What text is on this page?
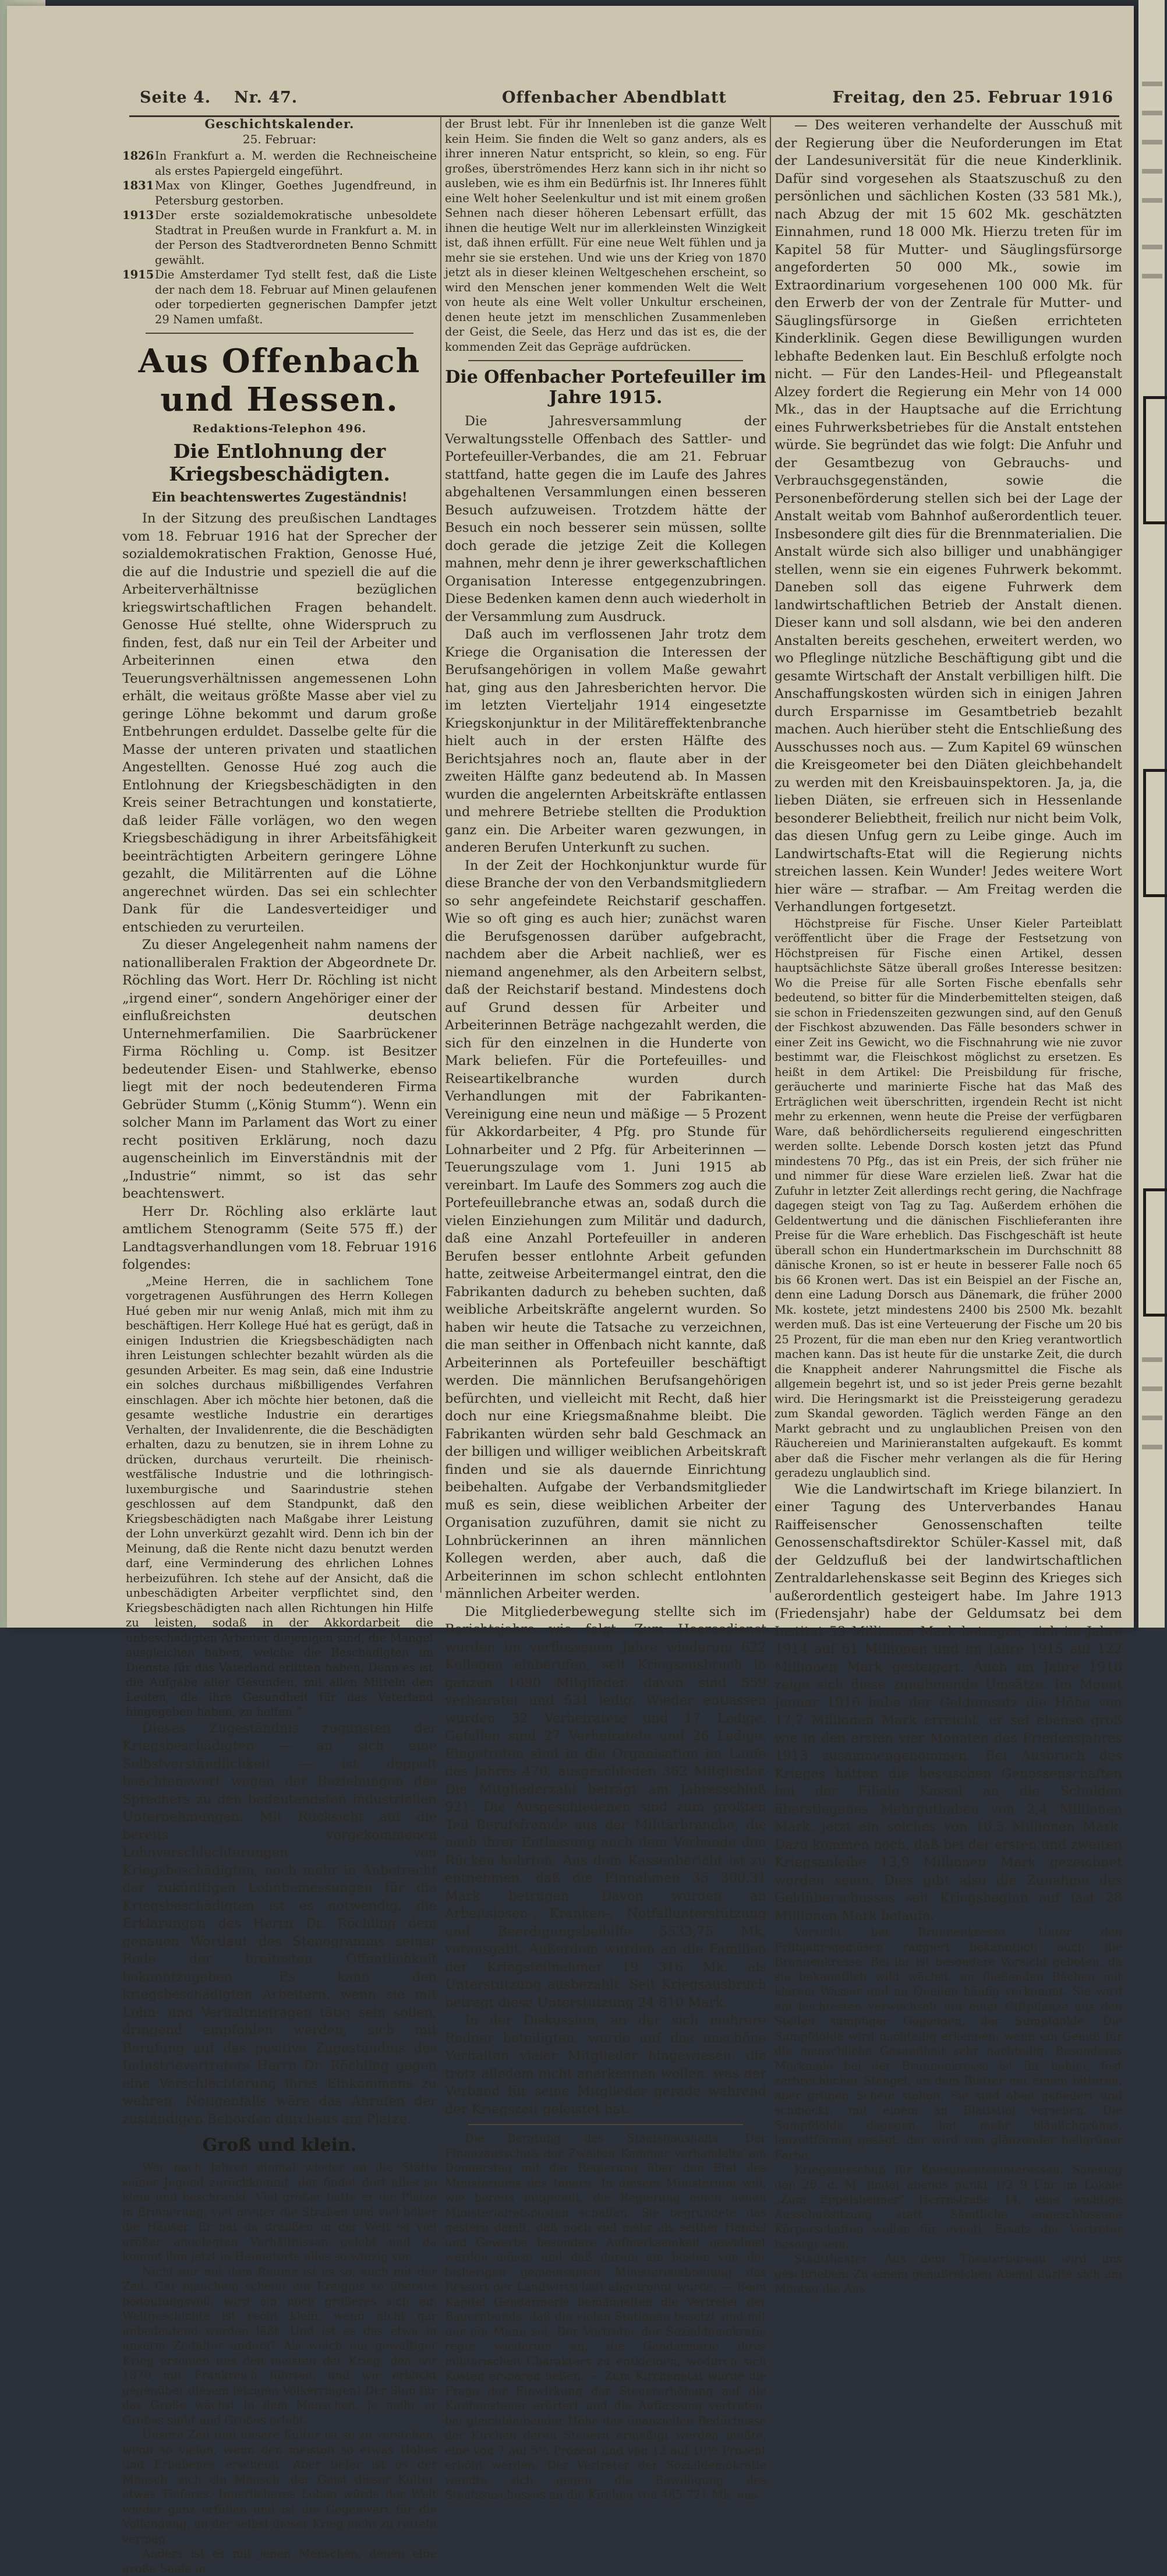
Seite 4. Nr. 47.	Offenbacher Abendblatt	Freitag, den 25. Februar 1916
Geschichtskalender.
25. Februar:
1826 In Frankfurt a. M. werden die Rechneischeine als erstes Papiergeld eingeführt.
1831 Max von Klinger, Goethes Jugendfreund, in Petersburg gestorben.
1913 Der erste sozialdemokratische unbesoldete Stadtrat in Preußen wurde in Frankfurt a. M. in der Person des Stadtverordneten Benno Schmitt gewählt.
1915 Die Amsterdamer Tyd stellt fest, daß die Liste der nach dem 18. Februar auf Minen gelaufenen oder torpedierten gegnerischen Dampfer jetzt 29 Namen umfaßt.
Aus Offenbach und Hessen.
Redaktions-Telephon 496.
Die Entlohnung der Kriegsbeschädigten.
Ein beachtenswertes Zugeständnis!

In der Sitzung des preußischen Landtages vom 18. Februar 1916 hat der Sprecher der sozialdemokratischen Fraktion, Genosse Hué, die auf die Industrie und speziell die auf die Arbeiterverhältnisse bezüglichen kriegswirtschaftlichen Fragen behandelt. Genosse Hué stellte, ohne Widerspruch zu finden, fest, daß nur ein Teil der Arbeiter und Arbeiterinnen einen etwa den Teuerungsverhältnissen angemessenen Lohn erhält, die weitaus größte Masse aber viel zu geringe Löhne bekommt und darum große Entbehrungen erduldet. Dasselbe gelte für die Masse der unteren privaten und staatlichen Angestellten. Genosse Hué zog auch die Entlohnung der Kriegsbeschädigten in den Kreis seiner Betrachtungen und konstatierte, daß leider Fälle vorlägen, wo den wegen Kriegsbeschädigung in ihrer Arbeitsfähigkeit beeinträchtigten Arbeitern geringere Löhne gezahlt, die Militärrenten auf die Löhne angerechnet würden. Das sei ein schlechter Dank für die Landesverteidiger und entschieden zu verurteilen.

Zu dieser Angelegenheit nahm namens der nationalliberalen Fraktion der Abgeordnete Dr. Röchling das Wort. Herr Dr. Röchling ist nicht „irgend einer“, sondern Angehöriger einer der einflußreichsten deutschen Unternehmerfamilien. Die Saarbrückener Firma Röchling u. Comp. ist Besitzer bedeutender Eisen- und Stahlwerke, ebenso liegt mit der noch bedeutenderen Firma Gebrüder Stumm („König Stumm“). Wenn ein solcher Mann im Parlament das Wort zu einer recht positiven Erklärung, noch dazu augenscheinlich im Einverständnis mit der „Industrie“ nimmt, so ist das sehr beachtenswert.

Herr Dr. Röchling also erklärte laut amtlichem Stenogramm (Seite 575 ff.) der Landtagsverhandlungen vom 18. Februar 1916 folgendes:

„Meine Herren, die in sachlichem Tone vorgetragenen Ausführungen des Herrn Kollegen Hué geben mir nur wenig Anlaß, mich mit ihm zu beschäftigen. Herr Kollege Hué hat es gerügt, daß in einigen Industrien die Kriegsbeschädigten nach ihren Leistungen schlechter bezahlt würden als die gesunden Arbeiter. Es mag sein, daß eine Industrie ein solches durchaus mißbilligendes Verfahren einschlagen. Aber ich möchte hier betonen, daß die gesamte westliche Industrie ein derartiges Verhalten, der Invalidenrente, die die Beschädigten erhalten, dazu zu benutzen, sie in ihrem Lohne zu drücken, durchaus verurteilt. Die rheinisch-westfälische Industrie und die lothringisch-luxemburgische und Saarindustrie stehen geschlossen auf dem Standpunkt, daß den Kriegsbeschädigten nach Maßgabe ihrer Leistung der Lohn unverkürzt gezahlt wird. Denn ich bin der Meinung, daß die Rente nicht dazu benutzt werden darf, eine Verminderung des ehrlichen Lohnes herbeizuführen. Ich stehe auf der Ansicht, daß die unbeschädigten Arbeiter verpflichtet sind, den Kriegsbeschädigten nach allen Richtungen hin Hilfe zu leisten, sodaß in der Akkordarbeit die unbeschädigten Arbeiter diejenigen sind, die Mangel ausgleichen haben, welche die Beschädigten im Dienste für das Vaterland erlitten haben. Denn es ist die Aufgabe aller Gesunden, mit allen Mitteln den Leuten, die ihre Gesundheit für das Vaterland hingegeben haben, zu helfen.“

Dieses Zugeständnis zugunsten der Kriegsbeschädigten — an sich eine Selbstverständlichkeit — ist doppelt beachtenswert wegen der Beziehungen des Sprechers zu den bedeutendsten industriellen Unternehmungen. Mit Rücksicht auf die bereits vorgekommenen Lohnverschlechterungen von Kriegsbeschädigten, noch mehr in Anbetracht der zukünftigen Lohnbemessungen für die Kriegsbeschädigten ist es notwendig, die Erklärungen des Herrn Dr. Röchling dem genauen Wortlaut des Stenogramms seiner Rede der breitesten Öffentlichkeit bekanntzugeben. Es kann den kriegsbeschädigten Arbeitern, wenn sie mit Lohn- und Verhaltnisfragen tätig sein sollen, dringend empfohlen werden, sich mit Berufung auf das positive Zugeständnis des Industrievertreters Herrn Dr. Röchling gegen eine Verschlechterung ihres Einkommens zu wehren. Nötigenfalls wäre das Anrufen der zuständigen Behörden durchaus am Platze.

Groß und klein.

Wer nach Jahren einmal wieder an die Stätte seiner Jugend zurückkommt, der findet dort alles so klein und beschränkt. Viel größer hatte er die Plätze in Erinnerung, viel breiter die Straßen und viel höher die Häuser. Er hat da draußen in der Welt so viel größer angelegten Verhältnissen gelebt und da kommt ihm jetzt in Heimatorte alles so winzig vor.

Nicht nur mit dem Raume ist es so, auch mit der Zeit. Gar manchem scheint ein Ereignis so überaus bedeutungsvoll, wird ein noch größeres sich ein Weltgeschichte ist recht klein, wenn nicht gar unbedeutend werden läßt. Und ist es das etwa in unserm Zeitalter anders? Als welch ein gewaltiger Krieg erschien uns den meisten der Krieg, den wir 1870 mit Frankreich führten, und wir erblickt gegenüber diesem jetzigen Völkerringen! Der Sinn für das Große wächst in dem Menschen, je mehr er Großes sieht und Großes erlebt.

Unsere Zeit und unsere Kultur ist so zu verstehen, wenn so vielen, wenn den meisten so etwas Hohes und Erhabenes erscheint. Aber tiefer ist es der Mensch, sich ein Mensch, der Geist dieser Kultur, etwas Tieferes. Innerlicheres Leben würde der Welt wieder ganz erfüllen und ist die Gegenwart für die Vollendung, an der selbst dieser Krieg nicht zu rütteln vermag.

Anders ist es mit jenen Menschen, denen eine große Seele in

der Brust lebt. Für ihr Innenleben ist die ganze Welt kein Heim. Sie finden die Welt so ganz anders, als es ihrer inneren Natur entspricht, so klein, so eng. Für großes, überströmendes Herz kann sich in ihr nicht so ausleben, wie es ihm ein Bedürfnis ist. Ihr Inneres fühlt eine Welt hoher Seelenkultur und ist mit einem großen Sehnen nach dieser höheren Lebensart erfüllt, das ihnen die heutige Welt nur im allerkleinsten Winzigkeit ist, daß ihnen erfüllt. Für eine neue Welt fühlen und ja mehr sie sie erstehen. Und wie uns der Krieg von 1870 jetzt als in dieser kleinen Weltgeschehen erscheint, so wird den Menschen jener kommenden Welt die Welt von heute als eine Welt voller Unkultur erscheinen, denen heute jetzt im menschlichen Zusammenleben der Geist, die Seele, das Herz und das ist es, die der kommenden Zeit das Gepräge aufdrücken.

Die Offenbacher Portefeuiller im Jahre 1915.

Die Jahresversammlung der Verwaltungsstelle Offenbach des Sattler- und Portefeuiller-Verbandes, die am 21. Februar stattfand, hatte gegen die im Laufe des Jahres abgehaltenen Versammlungen einen besseren Besuch aufzuweisen. Trotzdem hätte der Besuch ein noch besserer sein müssen, sollte doch gerade die jetzige Zeit die Kollegen mahnen, mehr denn je ihrer gewerkschaftlichen Organisation Interesse entgegenzubringen. Diese Bedenken kamen denn auch wiederholt in der Versammlung zum Ausdruck.

Daß auch im verflossenen Jahr trotz dem Kriege die Organisation die Interessen der Berufsangehörigen in vollem Maße gewahrt hat, ging aus den Jahresberichten hervor. Die im letzten Vierteljahr 1914 eingesetzte Kriegskonjunktur in der Militäreffektenbranche hielt auch in der ersten Hälfte des Berichtsjahres noch an, flaute aber in der zweiten Hälfte ganz bedeutend ab. In Massen wurden die angelernten Arbeitskräfte entlassen und mehrere Betriebe stellten die Produktion ganz ein. Die Arbeiter waren gezwungen, in anderen Berufen Unterkunft zu suchen.

In der Zeit der Hochkonjunktur wurde für diese Branche der von den Verbandsmitgliedern so sehr angefeindete Reichstarif geschaffen. Wie so oft ging es auch hier; zunächst waren die Berufsgenossen darüber aufgebracht, nachdem aber die Arbeit nachließ, wer es niemand angenehmer, als den Arbeitern selbst, daß der Reichstarif bestand. Mindestens doch auf Grund dessen für Arbeiter und Arbeiterinnen Beträge nachgezahlt werden, die sich für den einzelnen in die Hunderte von Mark beliefen. Für die Portefeuilles- und Reiseartikelbranche wurden durch Verhandlungen mit der Fabrikanten-Vereinigung eine neun und mäßige — 5 Prozent für Akkordarbeiter, 4 Pfg. pro Stunde für Lohnarbeiter und 2 Pfg. für Arbeiterinnen — Teuerungszulage vom 1. Juni 1915 ab vereinbart. Im Laufe des Sommers zog auch die Portefeuillebranche etwas an, sodaß durch die vielen Einziehungen zum Militär und dadurch, daß eine Anzahl Portefeuiller in anderen Berufen besser entlohnte Arbeit gefunden hatte, zeitweise Arbeitermangel eintrat, den die Fabrikanten dadurch zu beheben suchten, daß weibliche Arbeitskräfte angelernt wurden. So haben wir heute die Tatsache zu verzeichnen, die man seither in Offenbach nicht kannte, daß Arbeiterinnen als Portefeuiller beschäftigt werden. Die männlichen Berufsangehörigen befürchten, und vielleicht mit Recht, daß hier doch nur eine Kriegsmaßnahme bleibt. Die Fabrikanten würden sehr bald Geschmack an der billigen und williger weiblichen Arbeitskraft finden und sie als dauernde Einrichtung beibehalten. Aufgabe der Verbandsmitglieder muß es sein, diese weiblichen Arbeiter der Organisation zuzuführen, damit sie nicht zu Lohnbrückerinnen an ihren männlichen Kollegen werden, aber auch, daß die Arbeiterinnen im schon schlecht entlohnten männlichen Arbeiter werden.

Die Mitgliederbewegung stellte sich im Berichtsjahre wie folgt: Zum Heeresdienst wurden im verflossenen Jahre wiederum 622 Kollegen einberufen, seit Kriegsausbruch in ganzen 1090 Mitglieder, davon sind 559 verheiratet und 531 ledig. Wieder entlassen wurden 32 Verheiratete und 17 Ledige. Gefallen sind 27 Verheiratete und 26 Ledige. Eingetreten sind in die Organisation im Laufe des Jahres 470, ausgeschieden 362 Mitglieder. Die Mitgliederzahl beträgt am Jahresschluß 921. Die Ausgeschiedenen sind zum größten Teil Berufsfremde aus der Militärbranche, die nach ihrer Entlassung auch dem Verbande den Rücken kehrten. Aus dem Kassenbericht ist zu entnehmen, daß die Einnahmen 35 300,31 Mark betrugen. Davon wurden an Arbeitslosen-, Kranken-, Notfallunterstützung und Beerdigungsbeihilfe 5533,75 Mk. verausgabt. Außerdem wurden an die Familien der Kriegsteilnehmer 19 316 Mk. als Unterstützung ausbezahlt. Seit Kriegsausbruch beträgt diese Unterstützung 24 810 Mark.

In der Diskussion, an der sich mehrere Redner beteiligten, wurde auf das unschöne Verhalten vieler Mitglieder hingewiesen, die trotz alledem nicht anerkennen wollen, was der Verband für seine Mitglieder gerade während der Kriegszeit geleistet hat.

Die Beratung des Staatshaushalts. Der Finanzausschuß der Zweiten Kammer verhandelte am Donnerstag mit der Regierung über den Etat des Ministeriums des Innern. In diesem Ministerium will, wie bereits mitgeteilt, die Regierung einen neuen Ministerialratsposten schaffen. Sie begründete das gestern damit, daß noch viel mehr als seither Handel und Gewerbe besondere Aufmerksamkeit gewidmet werden müsse und daß darum am besten von der bisherigen gemeinsamen Ministerialabteilung das Ressort der Landwirtschaft abgetrennt würde. — Beim Kapitel Gendarmerie bemängelten die Vertreter der Bauernbunds, daß die vielen Stationen besetzt sind mit nur ein Mann sei. Der Vertreter der Sozialdemokratie regte wiederum an, die Gendarmerie ihres militärischen Charakters zu entkleiden, wodurch sich Kosten ersparen ließen. — Zum Kirchenetat wurde die Frage der Einwirkung der Steuererhöhung auf die Kirchensteuer erörtert und die Auffassung vertreten, bei gleichbleibender Höhe des finanziellen Bedürfnisse der Kirchen deren Steuern ermäßigt werden müßte, eine von 7 auf 5½ Prozent und von 12 auf 10½ Prozent erhöht werden. Der Vertreter der Sozialdemokratie wandte sich gegen die Bewilligung des Staatszuschusses an die Kirchen von 485 721 Mk. aus.

— Des weiteren verhandelte der Ausschuß mit der Regierung über die Neuforderungen im Etat der Landesuniversität für die neue Kinderklinik. Dafür sind vorgesehen als Staatszuschuß zu den persönlichen und sächlichen Kosten (33 581 Mk.), nach Abzug der mit 15 602 Mk. geschätzten Einnahmen, rund 18 000 Mk. Hierzu treten für im Kapitel 58 für Mutter- und Säuglingsfürsorge angeforderten 50 000 Mk., sowie im Extraordinarium vorgesehenen 100 000 Mk. für den Erwerb der von der Zentrale für Mutter- und Säuglingsfürsorge in Gießen errichteten Kinderklinik. Gegen diese Bewilligungen wurden lebhafte Bedenken laut. Ein Beschluß erfolgte noch nicht. — Für den Landes-Heil- und Pflegeanstalt Alzey fordert die Regierung ein Mehr von 14 000 Mk., das in der Hauptsache auf die Errichtung eines Fuhrwerksbetriebes für die Anstalt entstehen würde. Sie begründet das wie folgt: Die Anfuhr und der Gesamtbezug von Gebrauchs- und Verbrauchsgegenständen, sowie die Personenbeförderung stellen sich bei der Lage der Anstalt weitab vom Bahnhof außerordentlich teuer. Insbesondere gilt dies für die Brennmaterialien. Die Anstalt würde sich also billiger und unabhängiger stellen, wenn sie ein eigenes Fuhrwerk bekommt. Daneben soll das eigene Fuhrwerk dem landwirtschaftlichen Betrieb der Anstalt dienen. Dieser kann und soll alsdann, wie bei den anderen Anstalten bereits geschehen, erweitert werden, wo wo Pfleglinge nützliche Beschäftigung gibt und die gesamte Wirtschaft der Anstalt verbilligen hilft. Die Anschaffungskosten würden sich in einigen Jahren durch Ersparnisse im Gesamtbetrieb bezahlt machen. Auch hierüber steht die Entschließung des Ausschusses noch aus. — Zum Kapitel 69 wünschen die Kreisgeometer bei den Diäten gleichbehandelt zu werden mit den Kreisbauinspektoren. Ja, ja, die lieben Diäten, sie erfreuen sich in Hessenlande besonderer Beliebtheit, freilich nur nicht beim Volk, das diesen Unfug gern zu Leibe ginge. Auch im Landwirtschafts-Etat will die Regierung nichts streichen lassen. Kein Wunder! Jedes weitere Wort hier wäre — strafbar. — Am Freitag werden die Verhandlungen fortgesetzt.

Höchstpreise für Fische. Unser Kieler Parteiblatt veröffentlicht über die Frage der Festsetzung von Höchstpreisen für Fische einen Artikel, dessen hauptsächlichste Sätze überall großes Interesse besitzen: Wo die Preise für alle Sorten Fische ebenfalls sehr bedeutend, so bitter für die Minderbemittelten steigen, daß sie schon in Friedenszeiten gezwungen sind, auf den Genuß der Fischkost abzuwenden. Das Fälle besonders schwer in einer Zeit ins Gewicht, wo die Fischnahrung wie nie zuvor bestimmt war, die Fleischkost möglichst zu ersetzen. Es heißt in dem Artikel: Die Preisbildung für frische, geräucherte und marinierte Fische hat das Maß des Erträglichen weit überschritten, irgendein Recht ist nicht mehr zu erkennen, wenn heute die Preise der verfügbaren Ware, daß behördlicherseits regulierend eingeschritten werden sollte. Lebende Dorsch kosten jetzt das Pfund mindestens 70 Pfg., das ist ein Preis, der sich früher nie und nimmer für diese Ware erzielen ließ. Zwar hat die Zufuhr in letzter Zeit allerdings recht gering, die Nachfrage dagegen steigt von Tag zu Tag. Außerdem erhöhen die Geldentwertung und die dänischen Fischlieferanten ihre Preise für die Ware erheblich. Das Fischgeschäft ist heute überall schon ein Hundertmarkschein im Durchschnitt 88 dänische Kronen, so ist er heute in besserer Falle noch 65 bis 66 Kronen wert. Das ist ein Beispiel an der Fische an, denn eine Ladung Dorsch aus Dänemark, die früher 2000 Mk. kostete, jetzt mindestens 2400 bis 2500 Mk. bezahlt werden muß. Das ist eine Verteuerung der Fische um 20 bis 25 Prozent, für die man eben nur den Krieg verantwortlich machen kann. Das ist heute für die unstarke Zeit, die durch die Knappheit anderer Nahrungsmittel die Fische als allgemein begehrt ist, und so ist jeder Preis gerne bezahlt wird. Die Heringsmarkt ist die Preissteigerung geradezu zum Skandal geworden. Täglich werden Fänge an den Markt gebracht und zu unglaublichen Preisen von den Räuchereien und Marinieranstalten aufgekauft. Es kommt aber daß die Fischer mehr verlangen als die für Hering geradezu unglaublich sind.

Wie die Landwirtschaft im Kriege bilanziert. In einer Tagung des Unterverbandes Hanau Raiffeisenscher Genossenschaften teilte Genossenschaftsdirektor Schüler-Kassel mit, daß der Geldzufluß bei der landwirtschaftlichen Zentraldarlehenskasse seit Beginn des Krieges sich außerordentlich gesteigert habe. Im Jahre 1913 (Friedensjahr) habe der Geldumsatz bei dem Institut 53 Millionen Mark betragen, sich im Jahre 1914 auf 61 Millionen und im Jahre 1915 auf 122 Millionen Mark gesteigert. Auch im Jahre 1916 zeige sich diese zunehmende Umsätze. Im Monat Januar 1916 habe der Geldumsatz die Höhe von 17,7 Millionen Mark erreicht, er sei ebenso groß wie in den ersten vier Monaten des Friedensjahres 1913 zusammengenommen. Bei Ausbruch des Krieges hätten die hessischen Genossenschaften bei der Filiale Kassel an die Schulden überstiegenes Mehrguthaben von 2,4 Millionen Mark, jetzt ein solches von 16,5 Millionen Mark. Dazu kommen noch, daß bei der ersten und zweiten Kriegsanleihe 13,9 Millionen Mark gezeichnet worden seien. Dies gibt also die Zunahme des Geldüberschusses seit Kriegsbeginn auf fast 28 Millionen Mark belaufe.

Vorsicht bei Brunnenkresse. Unter den Frühjahrsgemüsen rangiert bekanntlich auch die Brunnenkresse. Bei ihr ist besondere Vorsicht geboten, da sie bekanntlich wild wächst, an fließenden Bächen mit klarem Wasser und an Quellen häufig vorkommt. Sie wird am leichtesten verwechselt mit einer Giftpflanze aus den Stellen sumpfiger Gegenden, der Sumpfdolde. Die Sumpfdolde wird nachteilig erkennen, wenn ein Genuß für die menschliche Gesundheit sehr nachteilig. Besonderes Merkmale bei der Brunnenkresse ist ihr hohler, fest zerbrechlicher Stengel, an dem Blätter mit einem bitteren, aber grünen Schein stehen. Sie sind oben gefiedert und schmeckt, mit einem an Blattstiel versehen. Die Sumpfdolde dagegen hat mehr bläulichgrünes, lanzettförmig gesägt, der wird von glänzender hellgrüner Farbe.

Kriegsausschuß für Konsumenteninteressen. Samstag den 26. d. M. findet abends punkt 1/2 9 Uhr im Lokale „Zum Eppelsheimer“ Herrnstraße 14, eine wichtige Ausschußsitzung statt. Sämtliche angeschlossene Körperschaften wollen für eventl. Ersatz der Vertreter besorgt sein.

Stadttheater. Aus dem Theaterbureau wird uns geschrieben: Zu einem genußreichen Abend dürfte sich am Montag die Aus-
